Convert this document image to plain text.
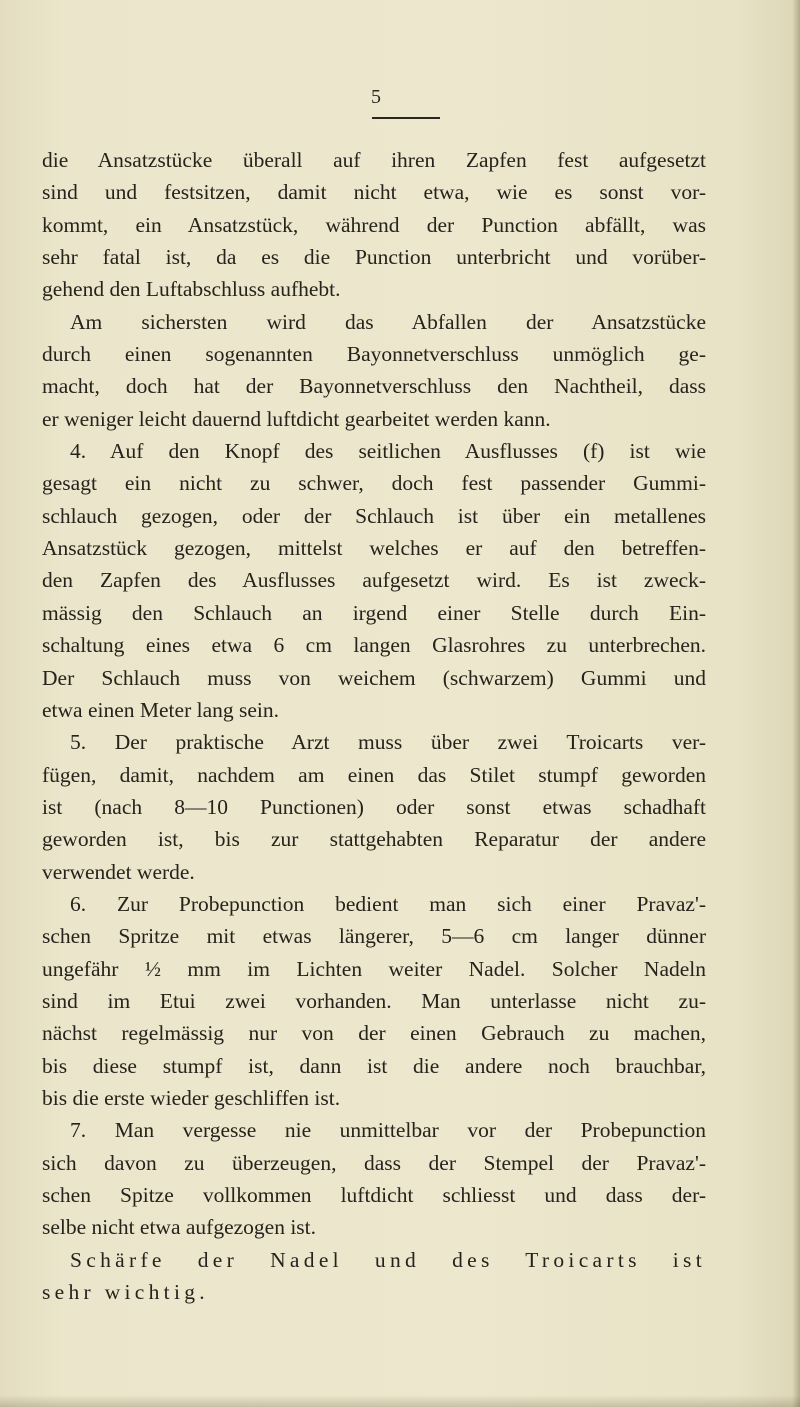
5
die Ansatzstücke überall auf ihren Zapfen fest aufgesetzt
sind und festsitzen, damit nicht etwa, wie es sonst vor-
kommt, ein Ansatzstück, während der Punction abfällt, was
sehr fatal ist, da es die Punction unterbricht und vorüber-
gehend den Luftabschluss aufhebt.
Am sichersten wird das Abfallen der Ansatzstücke
durch einen sogenannten Bayonnetverschluss unmöglich ge-
macht, doch hat der Bayonnetverschluss den Nachtheil, dass
er weniger leicht dauernd luftdicht gearbeitet werden kann.
4. Auf den Knopf des seitlichen Ausflusses (f) ist wie
gesagt ein nicht zu schwer, doch fest passender Gummi-
schlauch gezogen, oder der Schlauch ist über ein metallenes
Ansatzstück gezogen, mittelst welches er auf den betreffen-
den Zapfen des Ausflusses aufgesetzt wird. Es ist zweck-
mässig den Schlauch an irgend einer Stelle durch Ein-
schaltung eines etwa 6 cm langen Glasrohres zu unterbrechen.
Der Schlauch muss von weichem (schwarzem) Gummi und
etwa einen Meter lang sein.
5. Der praktische Arzt muss über zwei Troicarts ver-
fügen, damit, nachdem am einen das Stilet stumpf geworden
ist (nach 8—10 Punctionen) oder sonst etwas schadhaft
geworden ist, bis zur stattgehabten Reparatur der andere
verwendet werde.
6. Zur Probepunction bedient man sich einer Pravaz'-
schen Spritze mit etwas längerer, 5—6 cm langer dünner
ungefähr ½ mm im Lichten weiter Nadel. Solcher Nadeln
sind im Etui zwei vorhanden. Man unterlasse nicht zu-
nächst regelmässig nur von der einen Gebrauch zu machen,
bis diese stumpf ist, dann ist die andere noch brauchbar,
bis die erste wieder geschliffen ist.
7. Man vergesse nie unmittelbar vor der Probepunction
sich davon zu überzeugen, dass der Stempel der Pravaz'-
schen Spitze vollkommen luftdicht schliesst und dass der-
selbe nicht etwa aufgezogen ist.
Schärfe der Nadel und des Troicarts ist
sehr wichtig.
